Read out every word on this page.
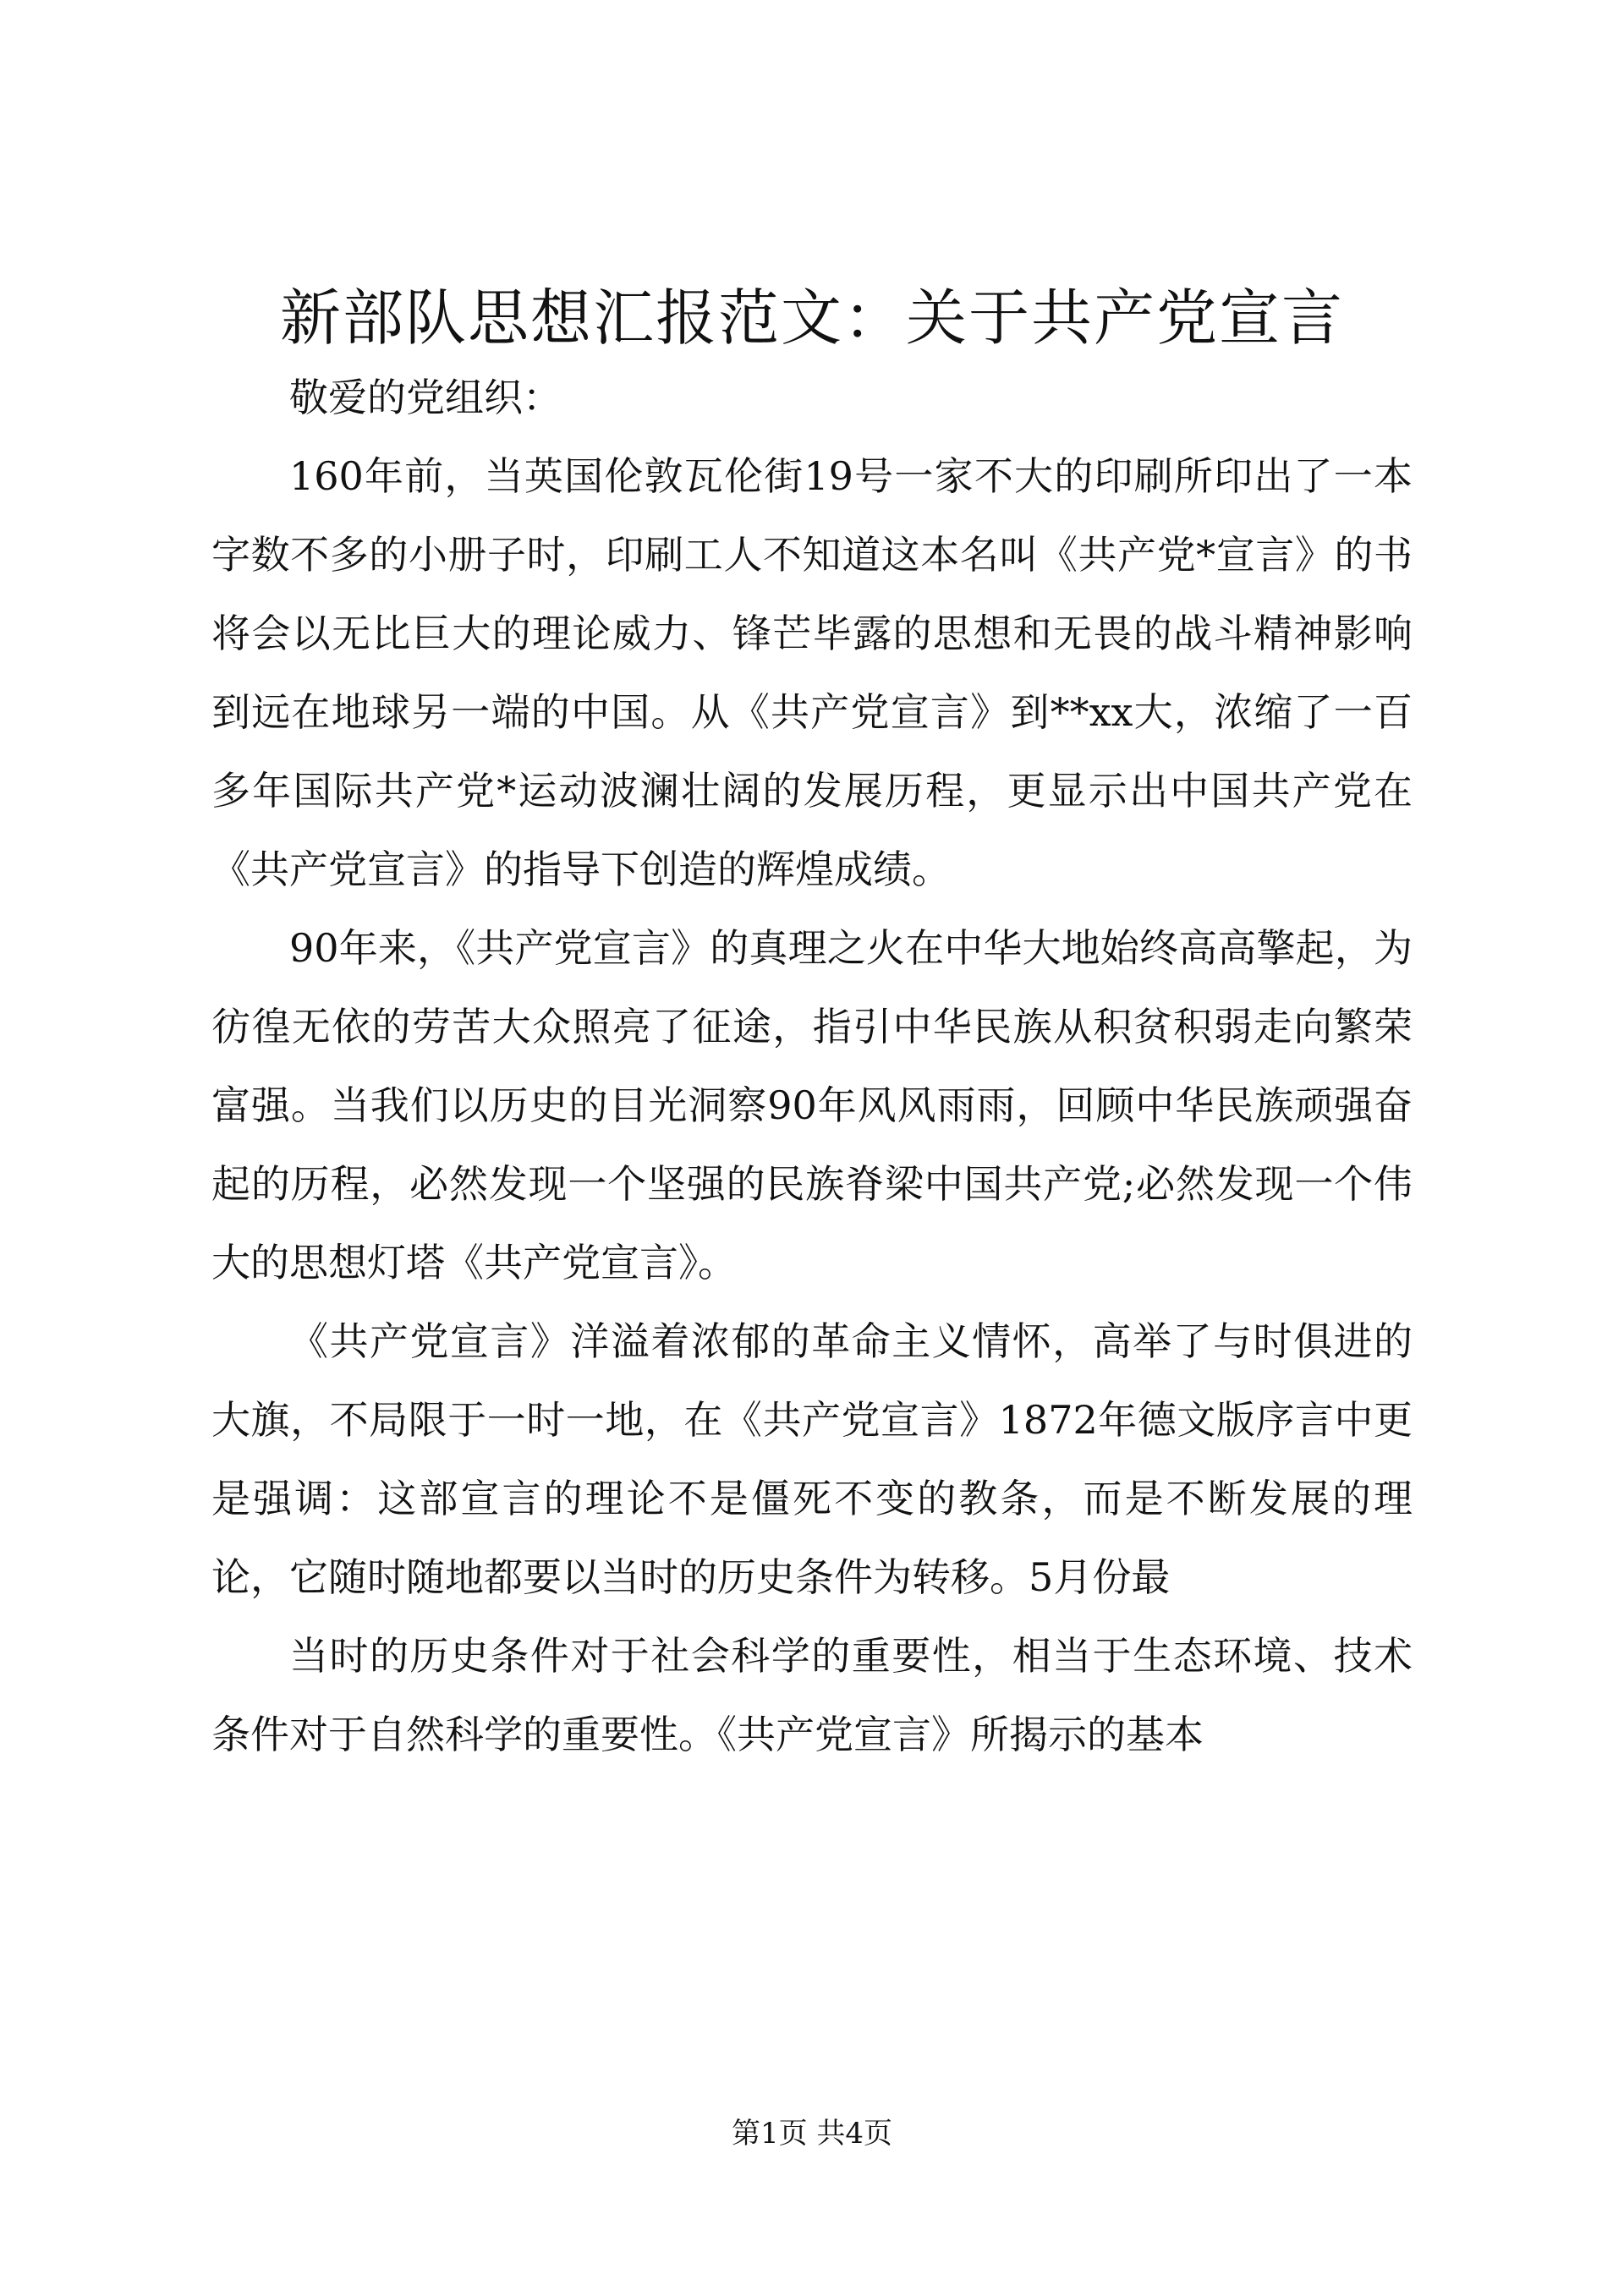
新部队思想汇报范文：关于共产党宣言

敬爱的党组织：

160年前，当英国伦敦瓦伦街19号一家不大的印刷所印出了一本字数不多的小册子时，印刷工人不知道这本名叫《共产党*宣言》的书将会以无比巨大的理论威力、锋芒毕露的思想和无畏的战斗精神影响到远在地球另一端的中国。从《共产党宣言》到**xx大，浓缩了一百多年国际共产党*运动波澜壮阔的发展历程，更显示出中国共产党在《共产党宣言》的指导下创造的辉煌成绩。

90年来，《共产党宣言》的真理之火在中华大地始终高高擎起，为彷徨无依的劳苦大众照亮了征途，指引中华民族从积贫积弱走向繁荣富强。当我们以历史的目光洞察90年风风雨雨，回顾中华民族顽强奋起的历程，必然发现一个坚强的民族脊梁中国共产党;必然发现一个伟大的思想灯塔《共产党宣言》。

《共产党宣言》洋溢着浓郁的革命主义情怀，高举了与时俱进的大旗，不局限于一时一地，在《共产党宣言》1872年德文版序言中更是强调：这部宣言的理论不是僵死不变的教条，而是不断发展的理论，它随时随地都要以当时的历史条件为转移。5月份最

当时的历史条件对于社会科学的重要性，相当于生态环境、技术条件对于自然科学的重要性。《共产党宣言》所揭示的基本

第1页 共4页
